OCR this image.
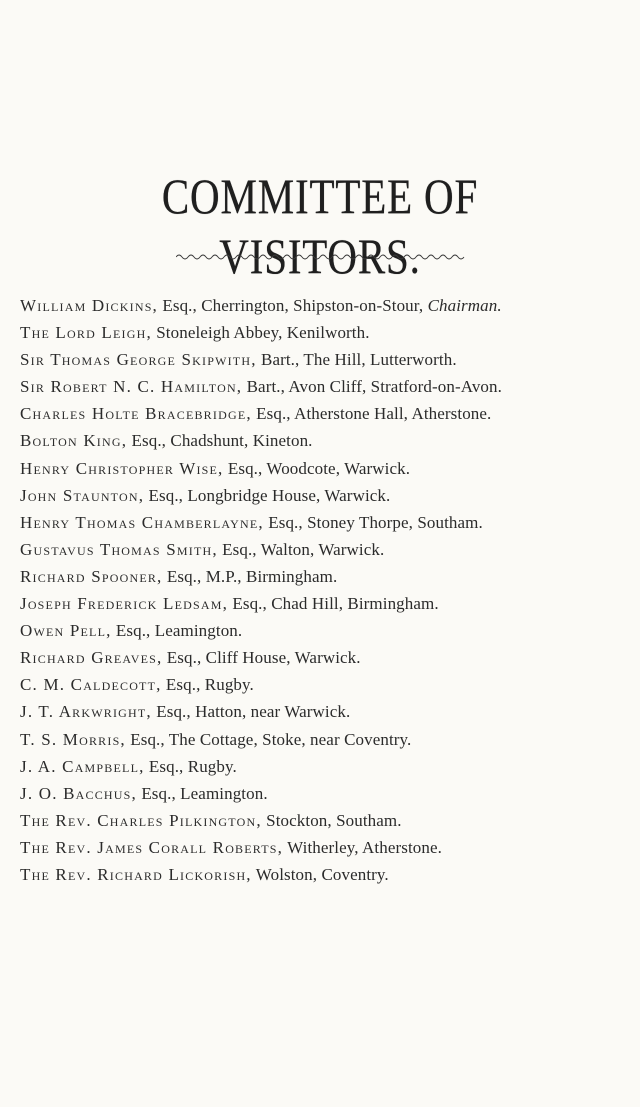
COMMITTEE OF VISITORS.
William Dickins, Esq., Cherrington, Shipston-on-Stour, Chairman.
The Lord Leigh, Stoneleigh Abbey, Kenilworth.
Sir Thomas George Skipwith, Bart., The Hill, Lutterworth.
Sir Robert N. C. Hamilton, Bart., Avon Cliff, Stratford-on-Avon.
Charles Holte Bracebridge, Esq., Atherstone Hall, Atherstone.
Bolton King, Esq., Chadshunt, Kineton.
Henry Christopher Wise, Esq., Woodcote, Warwick.
John Staunton, Esq., Longbridge House, Warwick.
Henry Thomas Chamberlayne, Esq., Stoney Thorpe, Southam.
Gustavus Thomas Smith, Esq., Walton, Warwick.
Richard Spooner, Esq., M.P., Birmingham.
Joseph Frederick Ledsam, Esq., Chad Hill, Birmingham.
Owen Pell, Esq., Leamington.
Richard Greaves, Esq., Cliff House, Warwick.
C. M. Caldecott, Esq., Rugby.
J. T. Arkwright, Esq., Hatton, near Warwick.
T. S. Morris, Esq., The Cottage, Stoke, near Coventry.
J. A. Campbell, Esq., Rugby.
J. O. Bacchus, Esq., Leamington.
The Rev. Charles Pilkington, Stockton, Southam.
The Rev. James Corall Roberts, Witherley, Atherstone.
The Rev. Richard Lickorish, Wolston, Coventry.
